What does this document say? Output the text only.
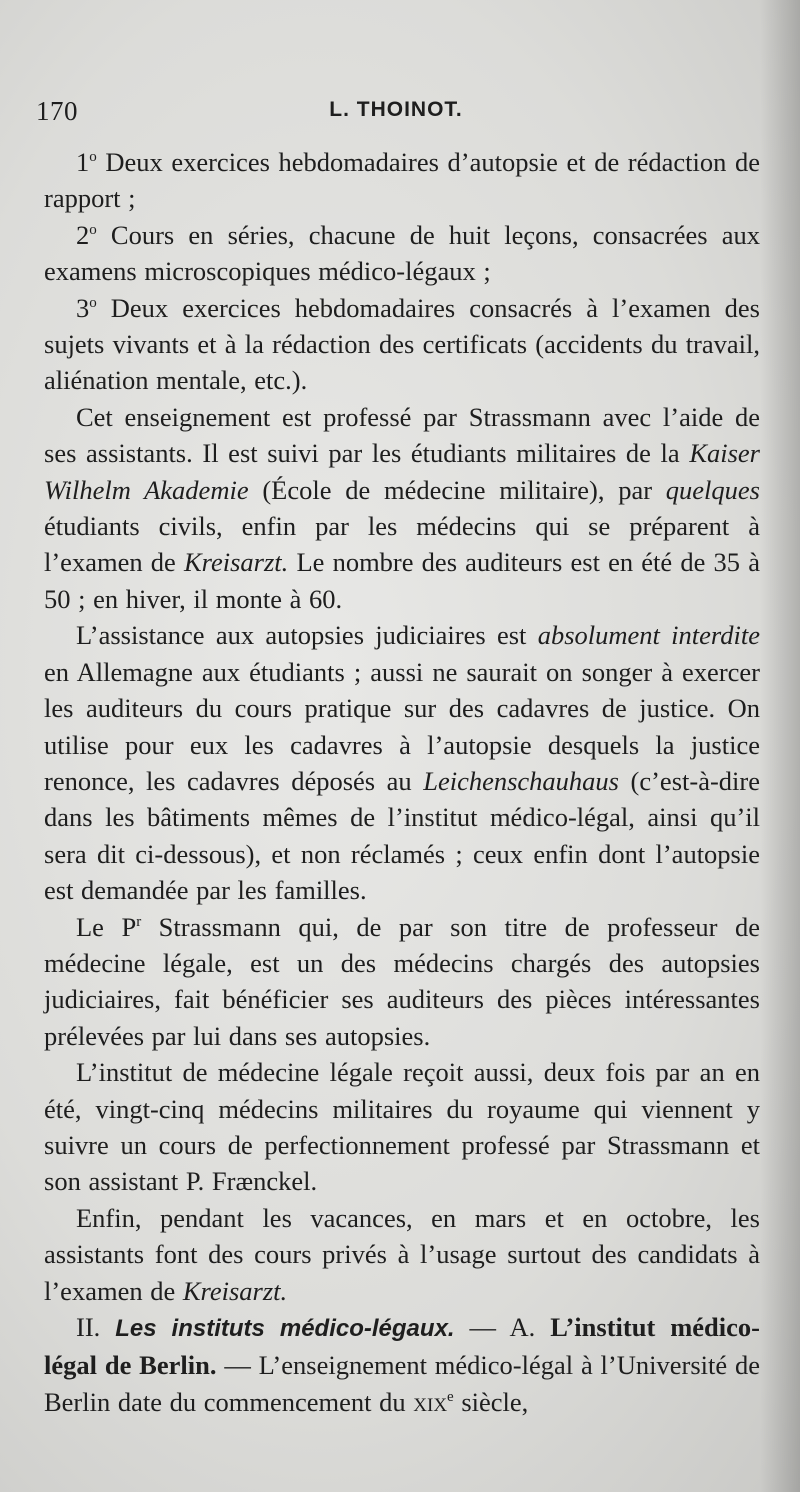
170	L. THOINOT.

1$^o$ Deux exercices hebdomadaires d’autopsie et de rédaction de rapport ;

2$^o$ Cours en séries, chacune de huit leçons, consacrées aux examens microscopiques médico-légaux ;

3$^o$ Deux exercices hebdomadaires consacrés à l’examen des sujets vivants et à la rédaction des certificats (accidents du travail, aliénation mentale, etc.).

Cet enseignement est professé par Strassmann avec l’aide de ses assistants. Il est suivi par les étudiants militaires de la Kaiser Wilhelm Akademie (École de médecine militaire), par quelques étudiants civils, enfin par les médecins qui se préparent à l’examen de Kreisarzt. Le nombre des auditeurs est en été de 35 à 50 ; en hiver, il monte à 60.

L’assistance aux autopsies judiciaires est absolument interdite en Allemagne aux étudiants ; aussi ne saurait on songer à exercer les auditeurs du cours pratique sur des cadavres de justice. On utilise pour eux les cadavres à l’autopsie desquels la justice renonce, les cadavres déposés au Leichenschauhaus (c’est-à-dire dans les bâtiments mêmes de l’institut médico-légal, ainsi qu’il sera dit ci-dessous), et non réclamés ; ceux enfin dont l’autopsie est demandée par les familles.

Le $P^r$ Strassmann qui, de par son titre de professeur de médecine légale, est un des médecins chargés des autopsies judiciaires, fait bénéficier ses auditeurs des pièces intéressantes prélevées par lui dans ses autopsies.

L’institut de médecine légale reçoit aussi, deux fois par an en été, vingt-cinq médecins militaires du royaume qui viennent y suivre un cours de perfectionnement professé par Strassmann et son assistant P. Frænckel.

Enfin, pendant les vacances, en mars et en octobre, les assistants font des cours privés à l’usage surtout des candidats à l’examen de Kreisarzt.

II. Les instituts médico-légaux. — A. L’institut médico-légal de Berlin. — L’enseignement médico-légal à l’Université de Berlin date du commencement du xix$^e$ siècle,
